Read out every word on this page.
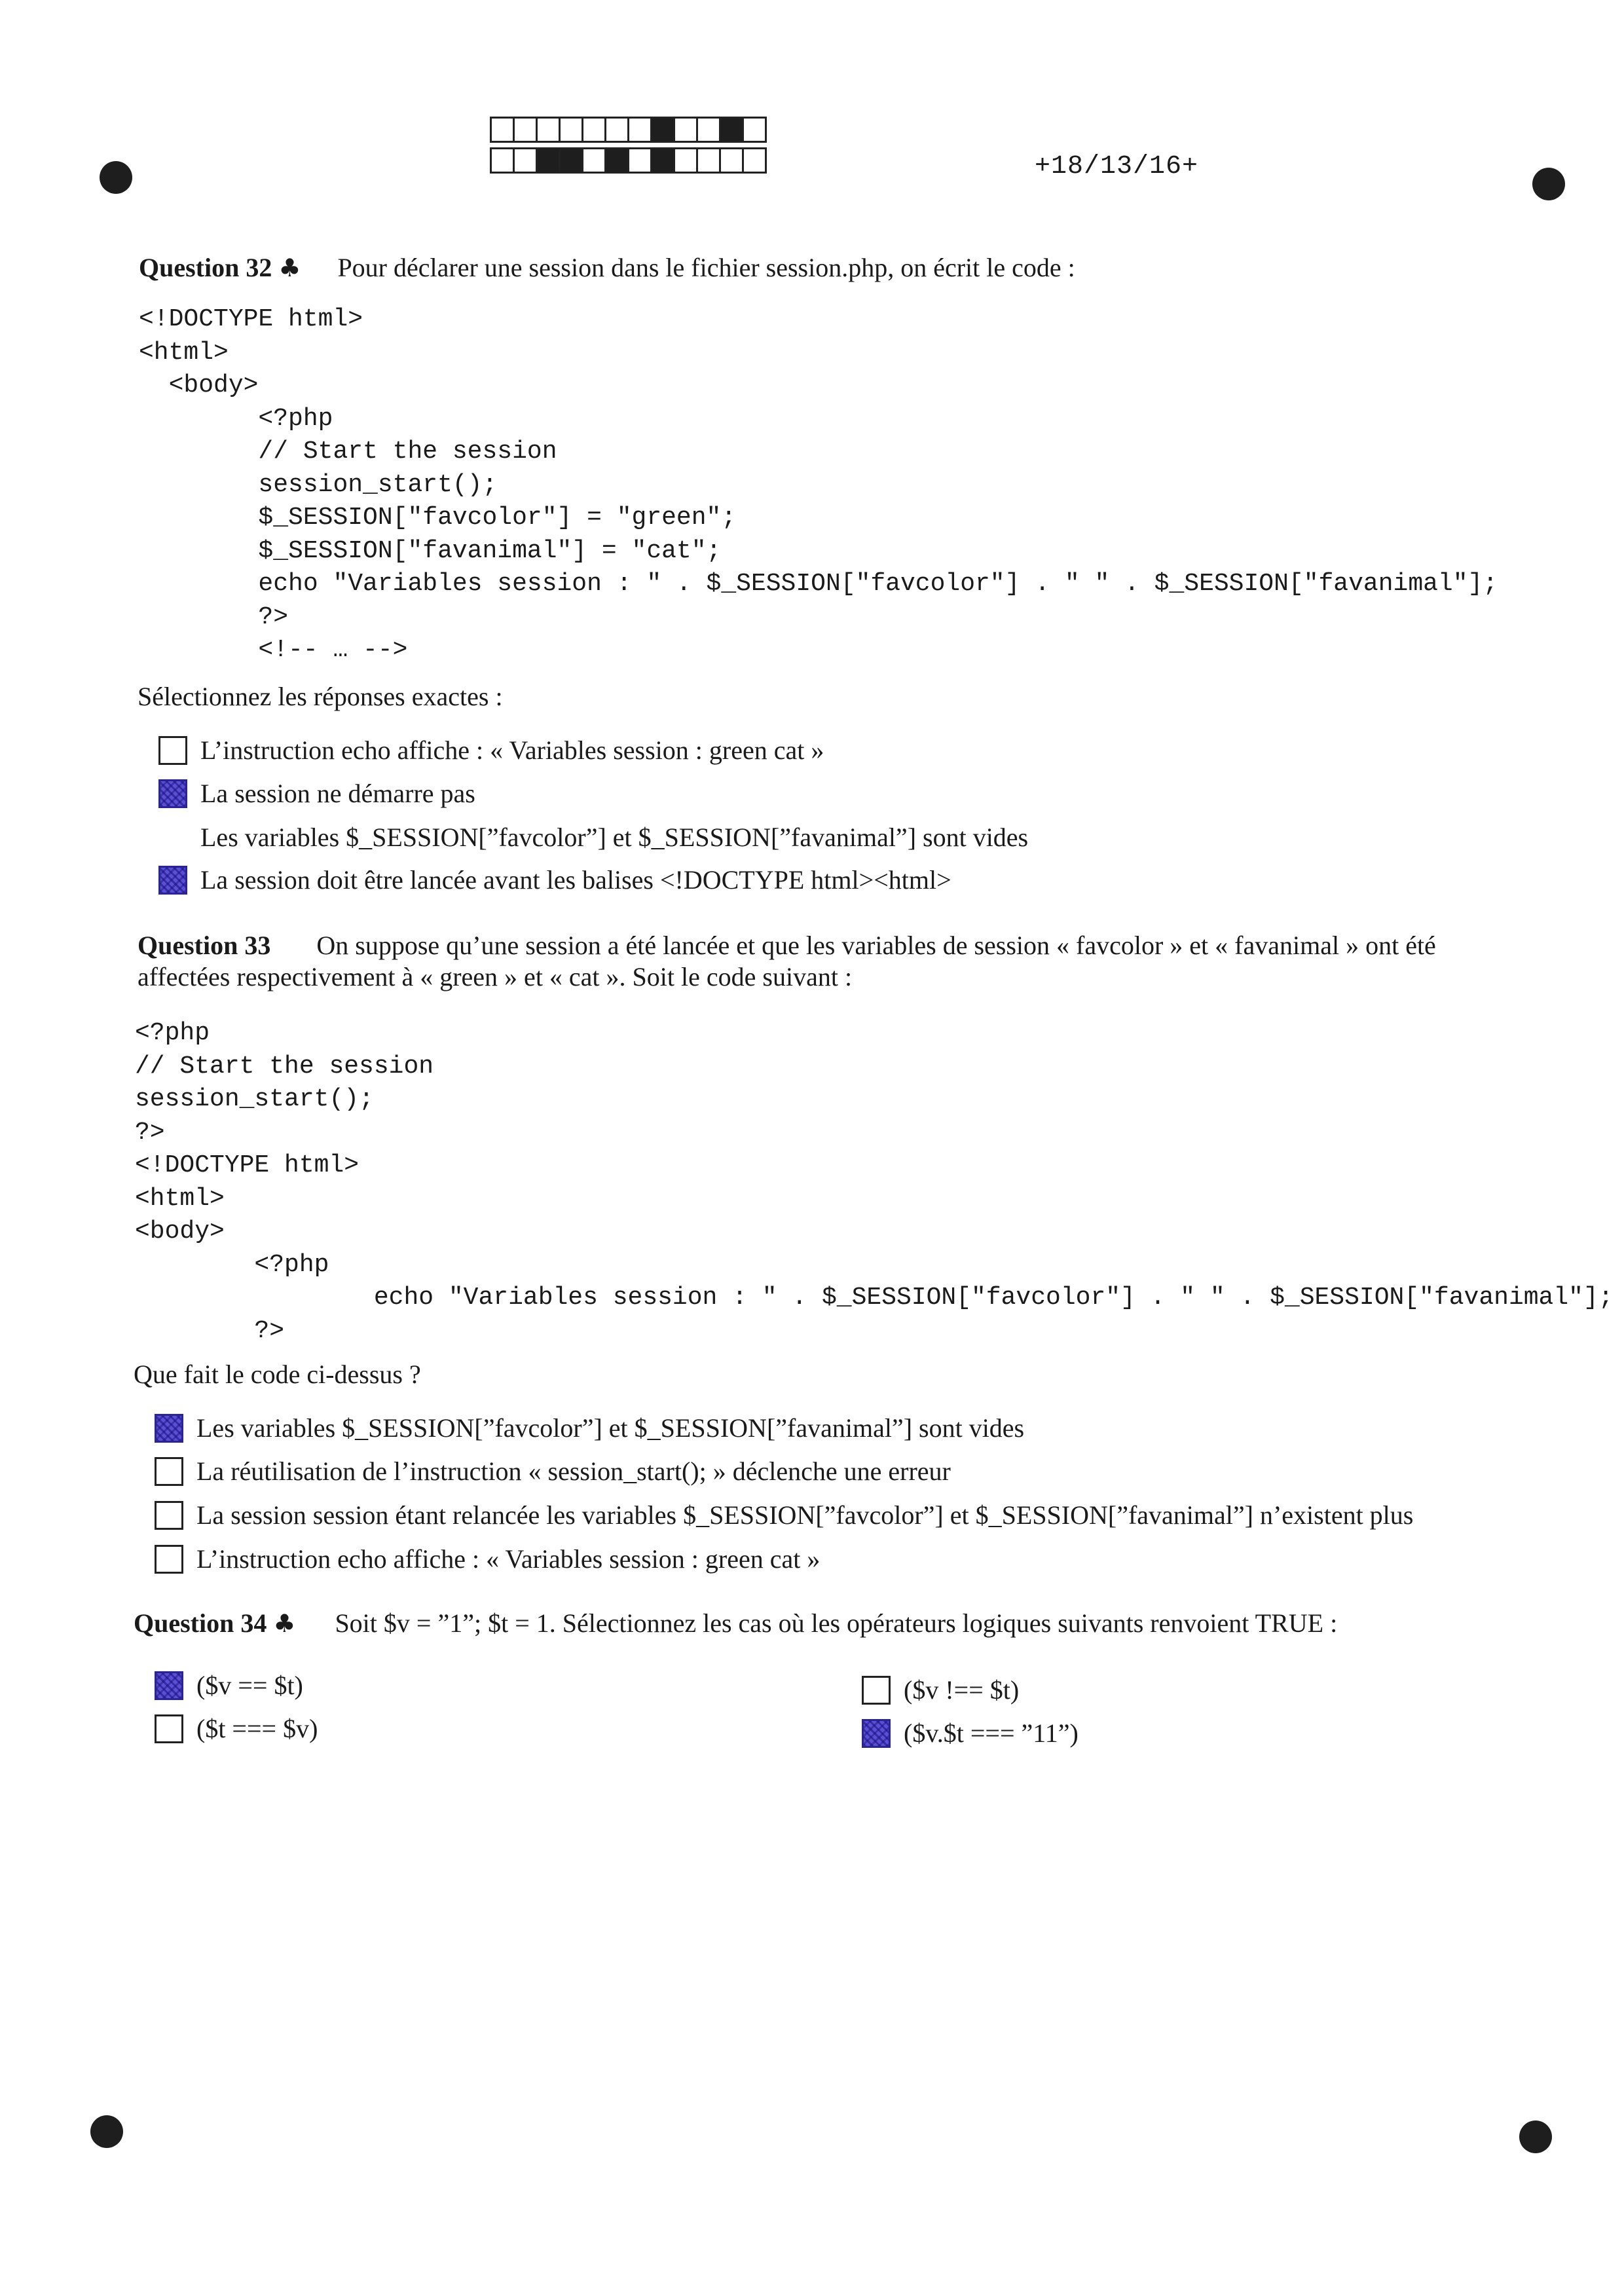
+18/13/16+
Question 32 ♣ Pour déclarer une session dans le fichier session.php, on écrit le code :
<!DOCTYPE html>
<html>
<body>
<?php
// Start the session
session_start();
$_SESSION["favcolor"] = "green";
$_SESSION["favanimal"] = "cat";
echo "Variables session : " . $_SESSION["favcolor"] . " " . $_SESSION["favanimal"];
?>
<!-- … -->
Sélectionnez les réponses exactes :
L’instruction echo affiche : « Variables session : green cat »
La session ne démarre pas
Les variables $_SESSION[”favcolor”] et $_SESSION[”favanimal”] sont vides
La session doit être lancée avant les balises <!DOCTYPE html><html>
Question 33 On suppose qu’une session a été lancée et que les variables de session « favcolor » et « favanimal » ont été affectées respectivement à « green » et « cat ». Soit le code suivant :
<?php
// Start the session
session_start();
?>
<!DOCTYPE html>
<html>
<body>
<?php
echo "Variables session : " . $_SESSION["favcolor"] . " " . $_SESSION["favanimal"];
?>
Que fait le code ci-dessus ?
Les variables $_SESSION[”favcolor”] et $_SESSION[”favanimal”] sont vides
La réutilisation de l’instruction « session_start(); » déclenche une erreur
La session session étant relancée les variables $_SESSION[”favcolor”] et $_SESSION[”favanimal”] n’existent plus
L’instruction echo affiche : « Variables session : green cat »
Question 34 ♣ Soit $v = ”1”; $t = 1. Sélectionnez les cas où les opérateurs logiques suivants renvoient TRUE :
($v == $t)
($t === $v)
($v !== $t)
($v.$t === ”11”)
